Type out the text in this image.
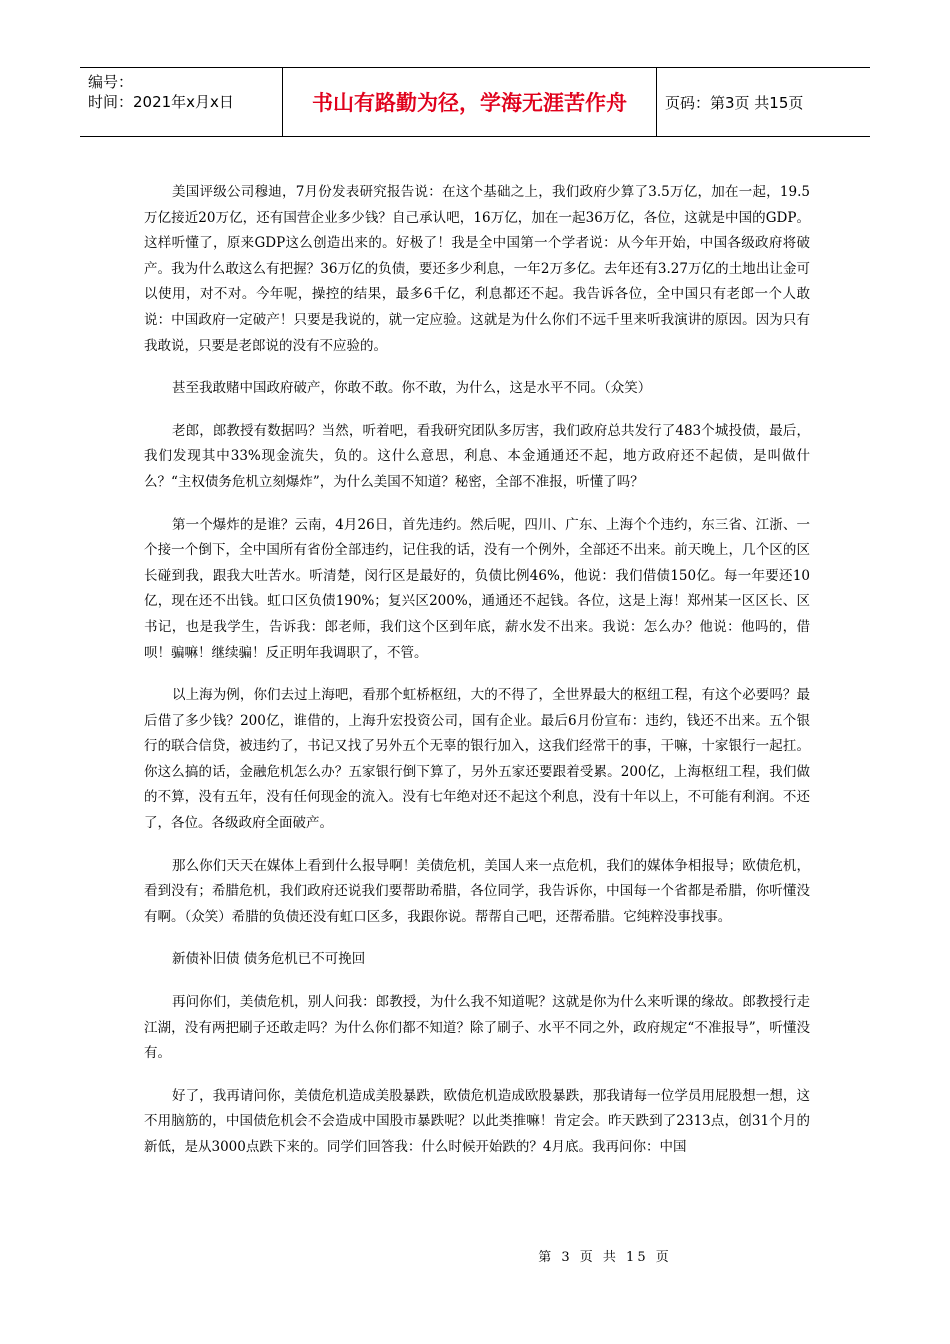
编号：
时间：2021年x月x日	书山有路勤为径，学海无涯苦作舟	页码：第3页 共15页

美国评级公司穆迪，7月份发表研究报告说：在这个基础之上，我们政府少算了3.5万亿，加在一起，19.5万亿接近20万亿，还有国营企业多少钱？自己承认吧，16万亿，加在一起36万亿，各位，这就是中国的GDP。这样听懂了，原来GDP这么创造出来的。好极了！我是全中国第一个学者说：从今年开始，中国各级政府将破产。我为什么敢这么有把握？36万亿的负债，要还多少利息，一年2万多亿。去年还有3.27万亿的土地出让金可以使用，对不对。今年呢，操控的结果，最多6千亿，利息都还不起。我告诉各位，全中国只有老郎一个人敢说：中国政府一定破产！只要是我说的，就一定应验。这就是为什么你们不远千里来听我演讲的原因。因为只有我敢说，只要是老郎说的没有不应验的。

甚至我敢赌中国政府破产，你敢不敢。你不敢，为什么，这是水平不同。（众笑）

老郎，郎教授有数据吗？当然，听着吧，看我研究团队多厉害，我们政府总共发行了483个城投债，最后，我们发现其中33%现金流失，负的。这什么意思，利息、本金通通还不起，地方政府还不起债，是叫做什么？“主权债务危机立刻爆炸”，为什么美国不知道？秘密，全部不准报，听懂了吗？

第一个爆炸的是谁？云南，4月26日，首先违约。然后呢，四川、广东、上海个个违约，东三省、江浙、一个接一个倒下，全中国所有省份全部违约，记住我的话，没有一个例外，全部还不出来。前天晚上，几个区的区长碰到我，跟我大吐苦水。听清楚，闵行区是最好的，负债比例46%，他说：我们借债150亿。每一年要还10亿，现在还不出钱。虹口区负债190%；复兴区200%，通通还不起钱。各位，这是上海！郑州某一区区长、区书记，也是我学生，告诉我：郎老师，我们这个区到年底，薪水发不出来。我说：怎么办？他说：他吗的，借呗！骗嘛！继续骗！反正明年我调职了，不管。

以上海为例，你们去过上海吧，看那个虹桥枢纽，大的不得了，全世界最大的枢纽工程，有这个必要吗？最后借了多少钱？200亿，谁借的，上海升宏投资公司，国有企业。最后6月份宣布：违约，钱还不出来。五个银行的联合信贷，被违约了，书记又找了另外五个无辜的银行加入，这我们经常干的事，干嘛，十家银行一起扛。你这么搞的话，金融危机怎么办？五家银行倒下算了，另外五家还要跟着受累。200亿，上海枢纽工程，我们做的不算，没有五年，没有任何现金的流入。没有七年绝对还不起这个利息，没有十年以上，不可能有利润。不还了，各位。各级政府全面破产。

那么你们天天在媒体上看到什么报导啊！美债危机，美国人来一点危机，我们的媒体争相报导；欧债危机，看到没有；希腊危机，我们政府还说我们要帮助希腊，各位同学，我告诉你，中国每一个省都是希腊，你听懂没有啊。（众笑）希腊的负债还没有虹口区多，我跟你说。帮帮自己吧，还帮希腊。它纯粹没事找事。

新债补旧债 债务危机已不可挽回

再问你们，美债危机，别人问我：郎教授，为什么我不知道呢？这就是你为什么来听课的缘故。郎教授行走江湖，没有两把刷子还敢走吗？为什么你们都不知道？除了刷子、水平不同之外，政府规定“不准报导”，听懂没有。

好了，我再请问你，美债危机造成美股暴跌，欧债危机造成欧股暴跌，那我请每一位学员用屁股想一想，这不用脑筋的，中国债危机会不会造成中国股市暴跌呢？以此类推嘛！肯定会。昨天跌到了2313点，创31个月的新低，是从3000点跌下来的。同学们回答我：什么时候开始跌的？4月底。我再问你：中国

第 3 页 共 15 页
